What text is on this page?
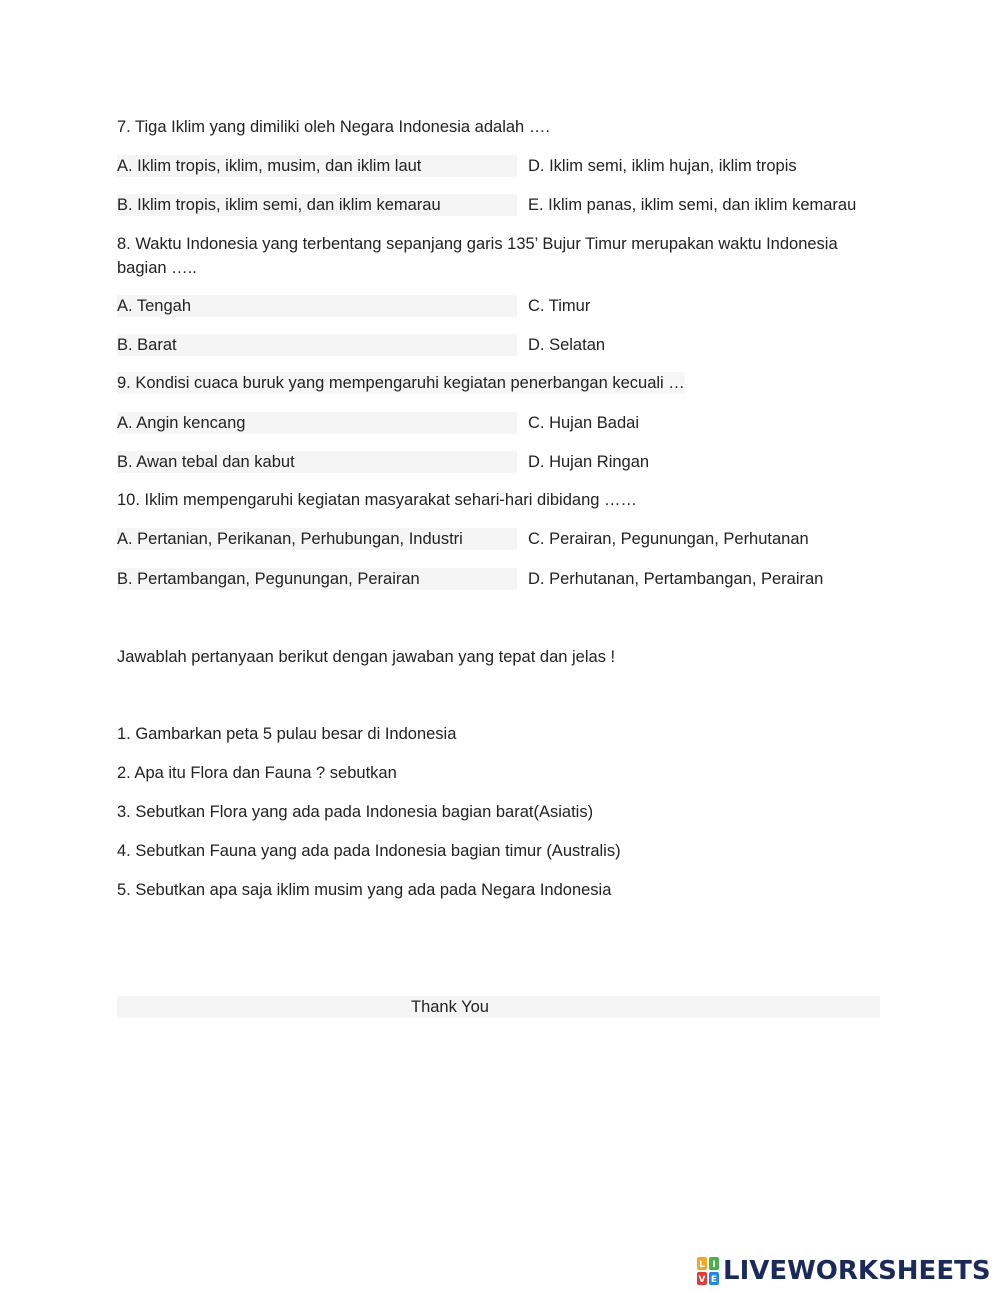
7. Tiga Iklim yang dimiliki oleh Negara Indonesia adalah ….
A. Iklim tropis, iklim, musim, dan iklim laut	D. Iklim semi, iklim hujan, iklim tropis
B. Iklim tropis, iklim semi, dan iklim kemarau	E. Iklim panas, iklim semi, dan iklim kemarau
8. Waktu Indonesia yang terbentang sepanjang garis 135’ Bujur Timur merupakan waktu Indonesia bagian …..
A. Tengah	C. Timur
B. Barat	D. Selatan
9. Kondisi cuaca buruk yang mempengaruhi kegiatan penerbangan kecuali …
A. Angin kencang	C. Hujan Badai
B. Awan tebal dan kabut	D. Hujan Ringan
10. Iklim mempengaruhi kegiatan masyarakat sehari-hari dibidang ……
A. Pertanian, Perikanan, Perhubungan, Industri	C. Perairan, Pegunungan, Perhutanan
B. Pertambangan, Pegunungan, Perairan	D. Perhutanan, Pertambangan, Perairan
Jawablah pertanyaan berikut dengan jawaban yang tepat dan jelas !
1. Gambarkan peta 5 pulau besar di Indonesia
2. Apa itu Flora dan Fauna ? sebutkan
3. Sebutkan Flora yang ada pada Indonesia bagian barat(Asiatis)
4. Sebutkan Fauna yang ada pada Indonesia bagian timur (Australis)
5. Sebutkan apa saja iklim musim yang ada pada Negara Indonesia
Thank You
L I
V E LIVEWORKSHEETS
